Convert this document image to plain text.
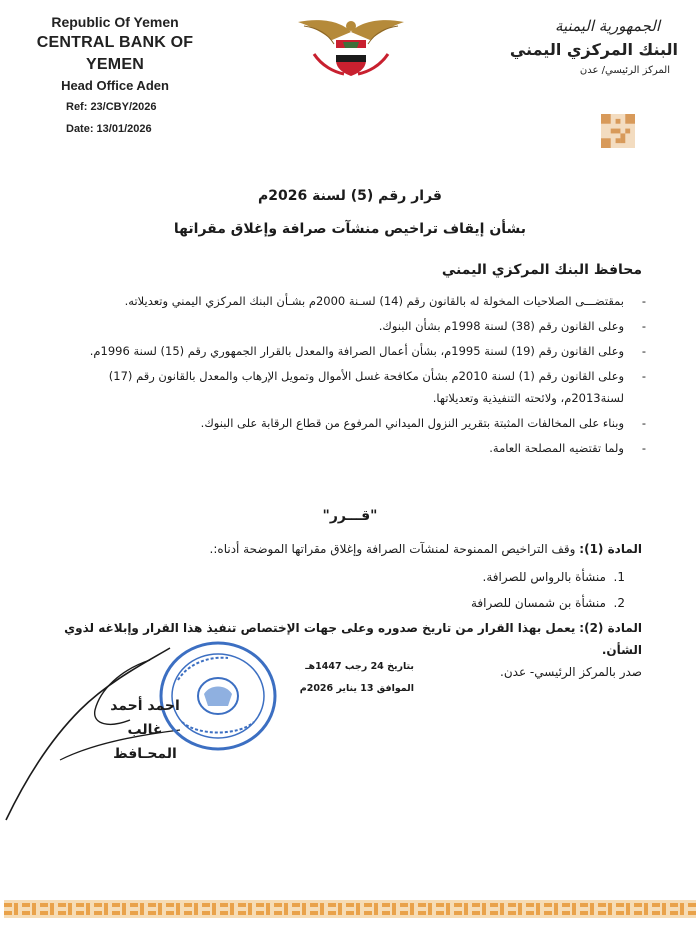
Republic Of Yemen
CENTRAL BANK OF YEMEN
Head Office Aden
Ref: 23/CBY/2026
Date: 13/01/2026
الجمهورية اليمنية
البنك المركزي اليمني
المركز الرئيسي/ عدن
قرار رقم (5) لسنة 2026م
بشأن إيقاف تراخيص منشآت صرافة وإغلاق مقراتها
محافظ البنك المركزي اليمني
-
بمقتضـــى الصلاحيات المخولة له بالقانون رقم (14) لسـنة 2000م بشـأن البنك المركزي اليمني وتعديلاته.
-
وعلى القانون رقم (38) لسنة 1998م بشأن البنوك.
-
وعلى القانون رقم (19) لسنة 1995م، بشأن أعمال الصرافة والمعدل بالقرار الجمهوري رقم (15) لسنة 1996م.
-
وعلى القانون رقم (1) لسنة 2010م بشأن مكافحة غسل الأموال وتمويل الإرهاب والمعدل بالقانون رقم (17) لسنة2013م، ولائحته التنفيذية وتعديلاتها.
-
وبناء على المخالفات المثبتة بتقرير النزول الميداني المرفوع من قطاع الرقابة على البنوك.
-
ولما تقتضيه المصلحة العامة.
"قـــرر"
المادة (1): وقف التراخيص الممنوحة لمنشآت الصرافة وإغلاق مقراتها الموضحة أدناه:.
1.  منشأة بالرواس للصرافة.
2.  منشأة بن شمسان للصرافة
المادة (2): يعمل بهذا القرار من تاريخ صدوره وعلى جهات الإختصاص تنفيذ هذا القرار وإبلاغه لذوي الشأن.
صدر بالمركز الرئيسي- عدن.
بتاريخ 24 رجب 1447هـ
الموافق 13 يناير 2026م
احمد أحمد غالب
المحـافظ
